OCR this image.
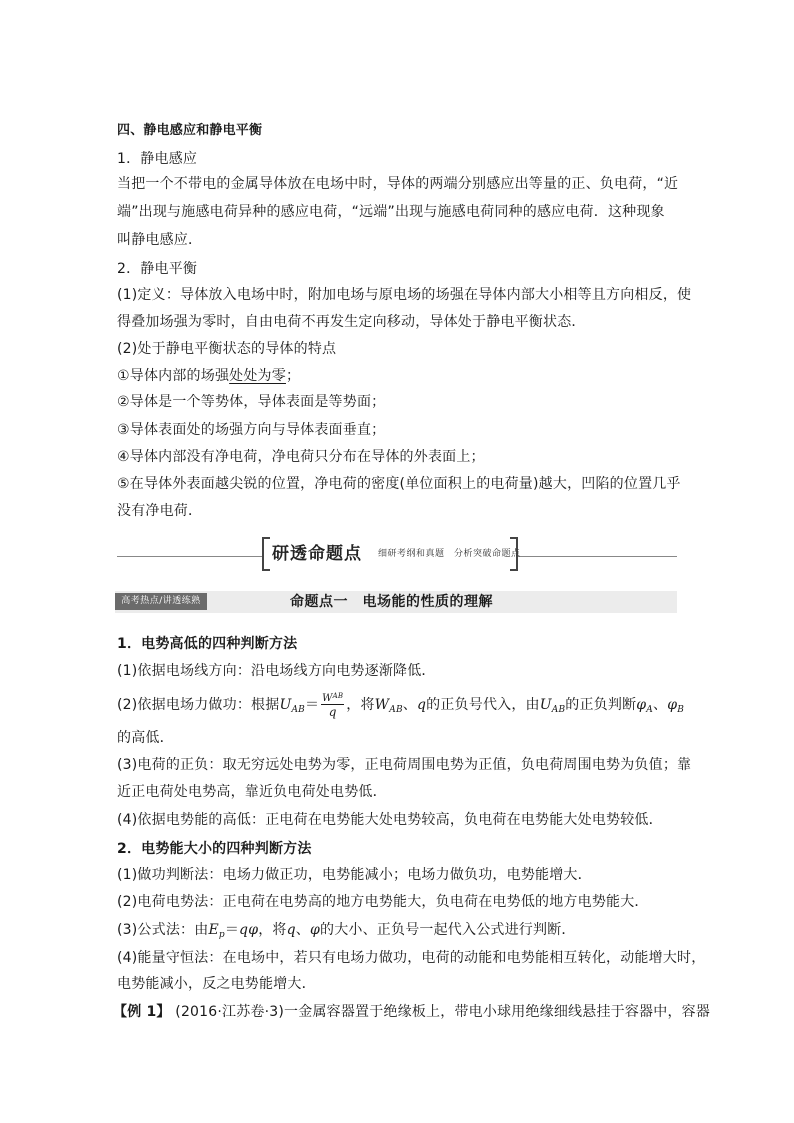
四、静电感应和静电平衡
1．静电感应
当把一个不带电的金属导体放在电场中时，导体的两端分别感应出等量的正、负电荷，“近
端”出现与施感电荷异种的感应电荷，“远端”出现与施感电荷同种的感应电荷．这种现象
叫静电感应．
2．静电平衡
(1)定义：导体放入电场中时，附加电场与原电场的场强在导体内部大小相等且方向相反，使
得叠加场强为零时，自由电荷不再发生定向移动，导体处于静电平衡状态．
(2)处于静电平衡状态的导体的特点
①导体内部的场强处处为零；
②导体是一个等势体，导体表面是等势面；
③导体表面处的场强方向与导体表面垂直；
④导体内部没有净电荷，净电荷只分布在导体的外表面上；
⑤在导体外表面越尖锐的位置，净电荷的密度(单位面积上的电荷量)越大，凹陷的位置几乎
没有净电荷．
研透命题点 细研考纲和真题　分析突破命题点
高考热点/讲透练熟	命题点一　电场能的性质的理解
1．电势高低的四种判断方法
(1)依据电场线方向：沿电场线方向电势逐渐降低．
(2)依据电场力做功：根据$U_{AB}= \frac{W^{AB}}{q}$ ，将$W_{AB}$、q的正负号代入，由$U_{AB}$的正负判断$\varphi_A$、$\varphi_B$
的高低．
(3)电荷的正负：取无穷远处电势为零，正电荷周围电势为正值，负电荷周围电势为负值；靠
近正电荷处电势高，靠近负电荷处电势低．
(4)依据电势能的高低：正电荷在电势能大处电势较高，负电荷在电势能大处电势较低．
2．电势能大小的四种判断方法
(1)做功判断法：电场力做正功，电势能减小；电场力做负功，电势能增大．
(2)电荷电势法：正电荷在电势高的地方电势能大，负电荷在电势低的地方电势能大．
(3)公式法：由$E_p=q\varphi$，将q、φ的大小、正负号一起代入公式进行判断．
(4)能量守恒法：在电场中，若只有电场力做功，电荷的动能和电势能相互转化，动能增大时，
电势能减小，反之电势能增大．
【例 1】 (2016·江苏卷·3)一金属容器置于绝缘板上，带电小球用绝缘细线悬挂于容器中，容器
